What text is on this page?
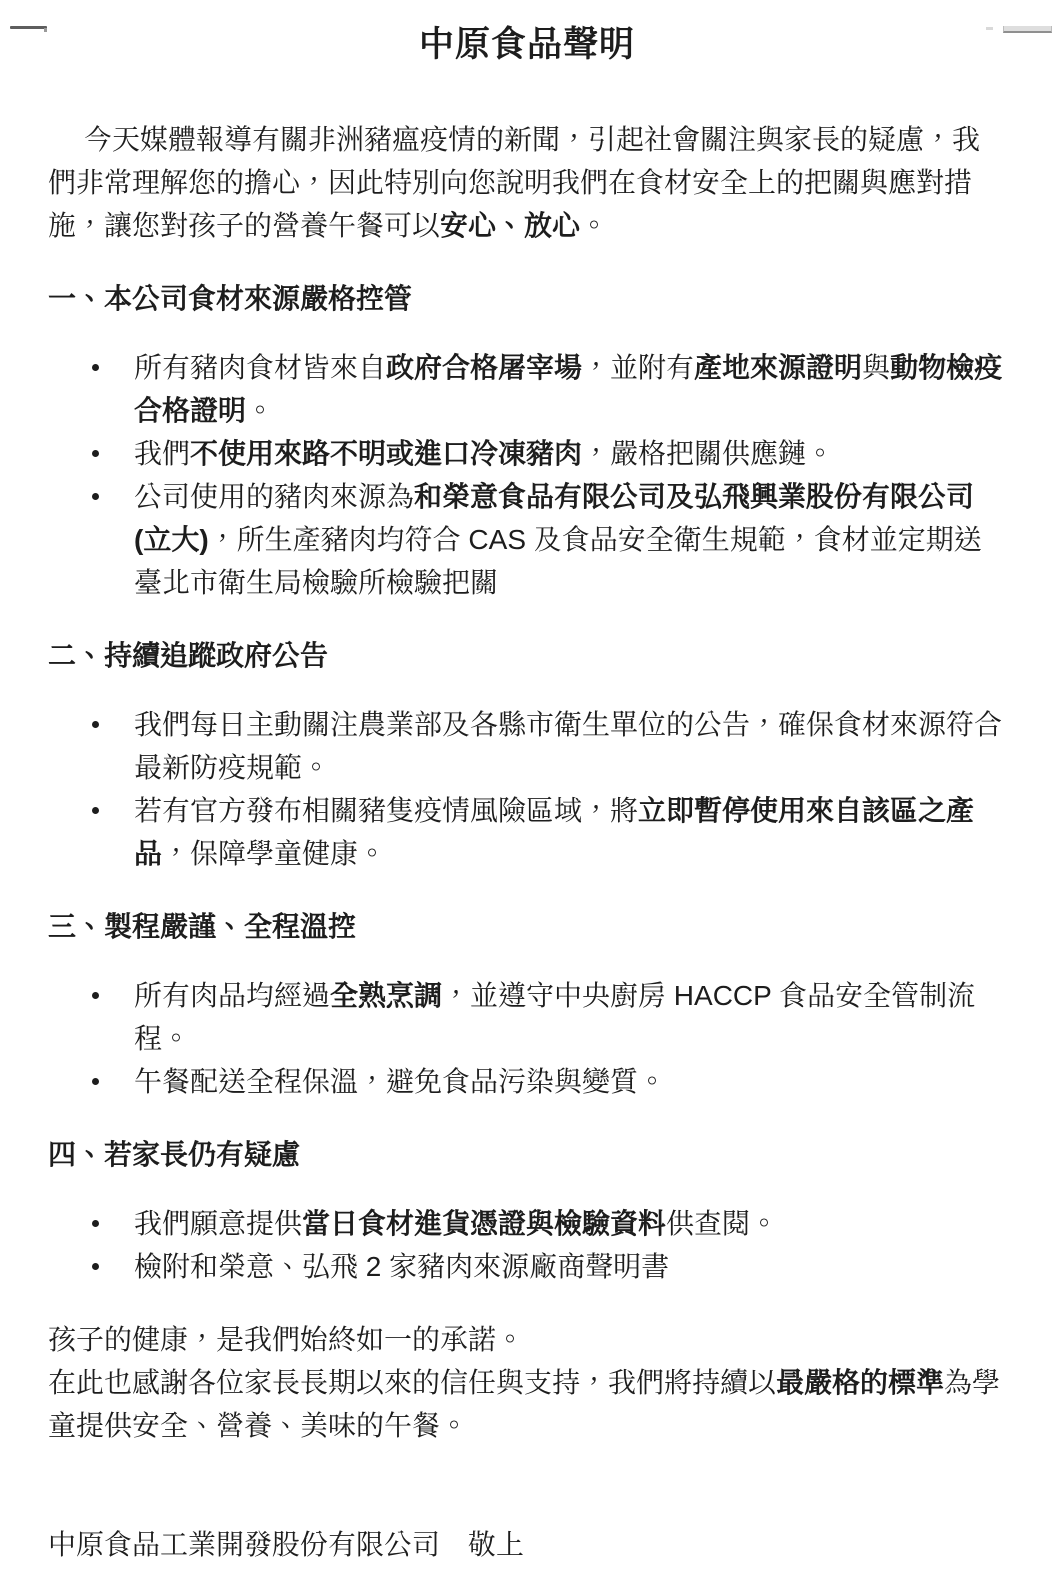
中原食品聲明

今天媒體報導有關非洲豬瘟疫情的新聞，引起社會關注與家長的疑慮，我們非常理解您的擔心，因此特別向您說明我們在食材安全上的把關與應對措施，讓您對孩子的營養午餐可以安心、放心。

一、本公司食材來源嚴格控管
所有豬肉食材皆來自政府合格屠宰場，並附有產地來源證明與動物檢疫合格證明。
我們不使用來路不明或進口冷凍豬肉，嚴格把關供應鏈。
公司使用的豬肉來源為和榮意食品有限公司及弘飛興業股份有限公司(立大)，所生產豬肉均符合 CAS 及食品安全衛生規範，食材並定期送臺北市衛生局檢驗所檢驗把關
二、持續追蹤政府公告
我們每日主動關注農業部及各縣市衛生單位的公告，確保食材來源符合最新防疫規範。
若有官方發布相關豬隻疫情風險區域，將立即暫停使用來自該區之產品，保障學童健康。
三、製程嚴謹、全程溫控
所有肉品均經過全熟烹調，並遵守中央廚房 HACCP 食品安全管制流程。
午餐配送全程保溫，避免食品污染與變質。
四、若家長仍有疑慮
我們願意提供當日食材進貨憑證與檢驗資料供查閱。
檢附和榮意、弘飛 2 家豬肉來源廠商聲明書

孩子的健康，是我們始終如一的承諾。

在此也感謝各位家長長期以來的信任與支持，我們將持續以最嚴格的標準為學童提供安全、營養、美味的午餐。

中原食品工業開發股份有限公司　敬上
